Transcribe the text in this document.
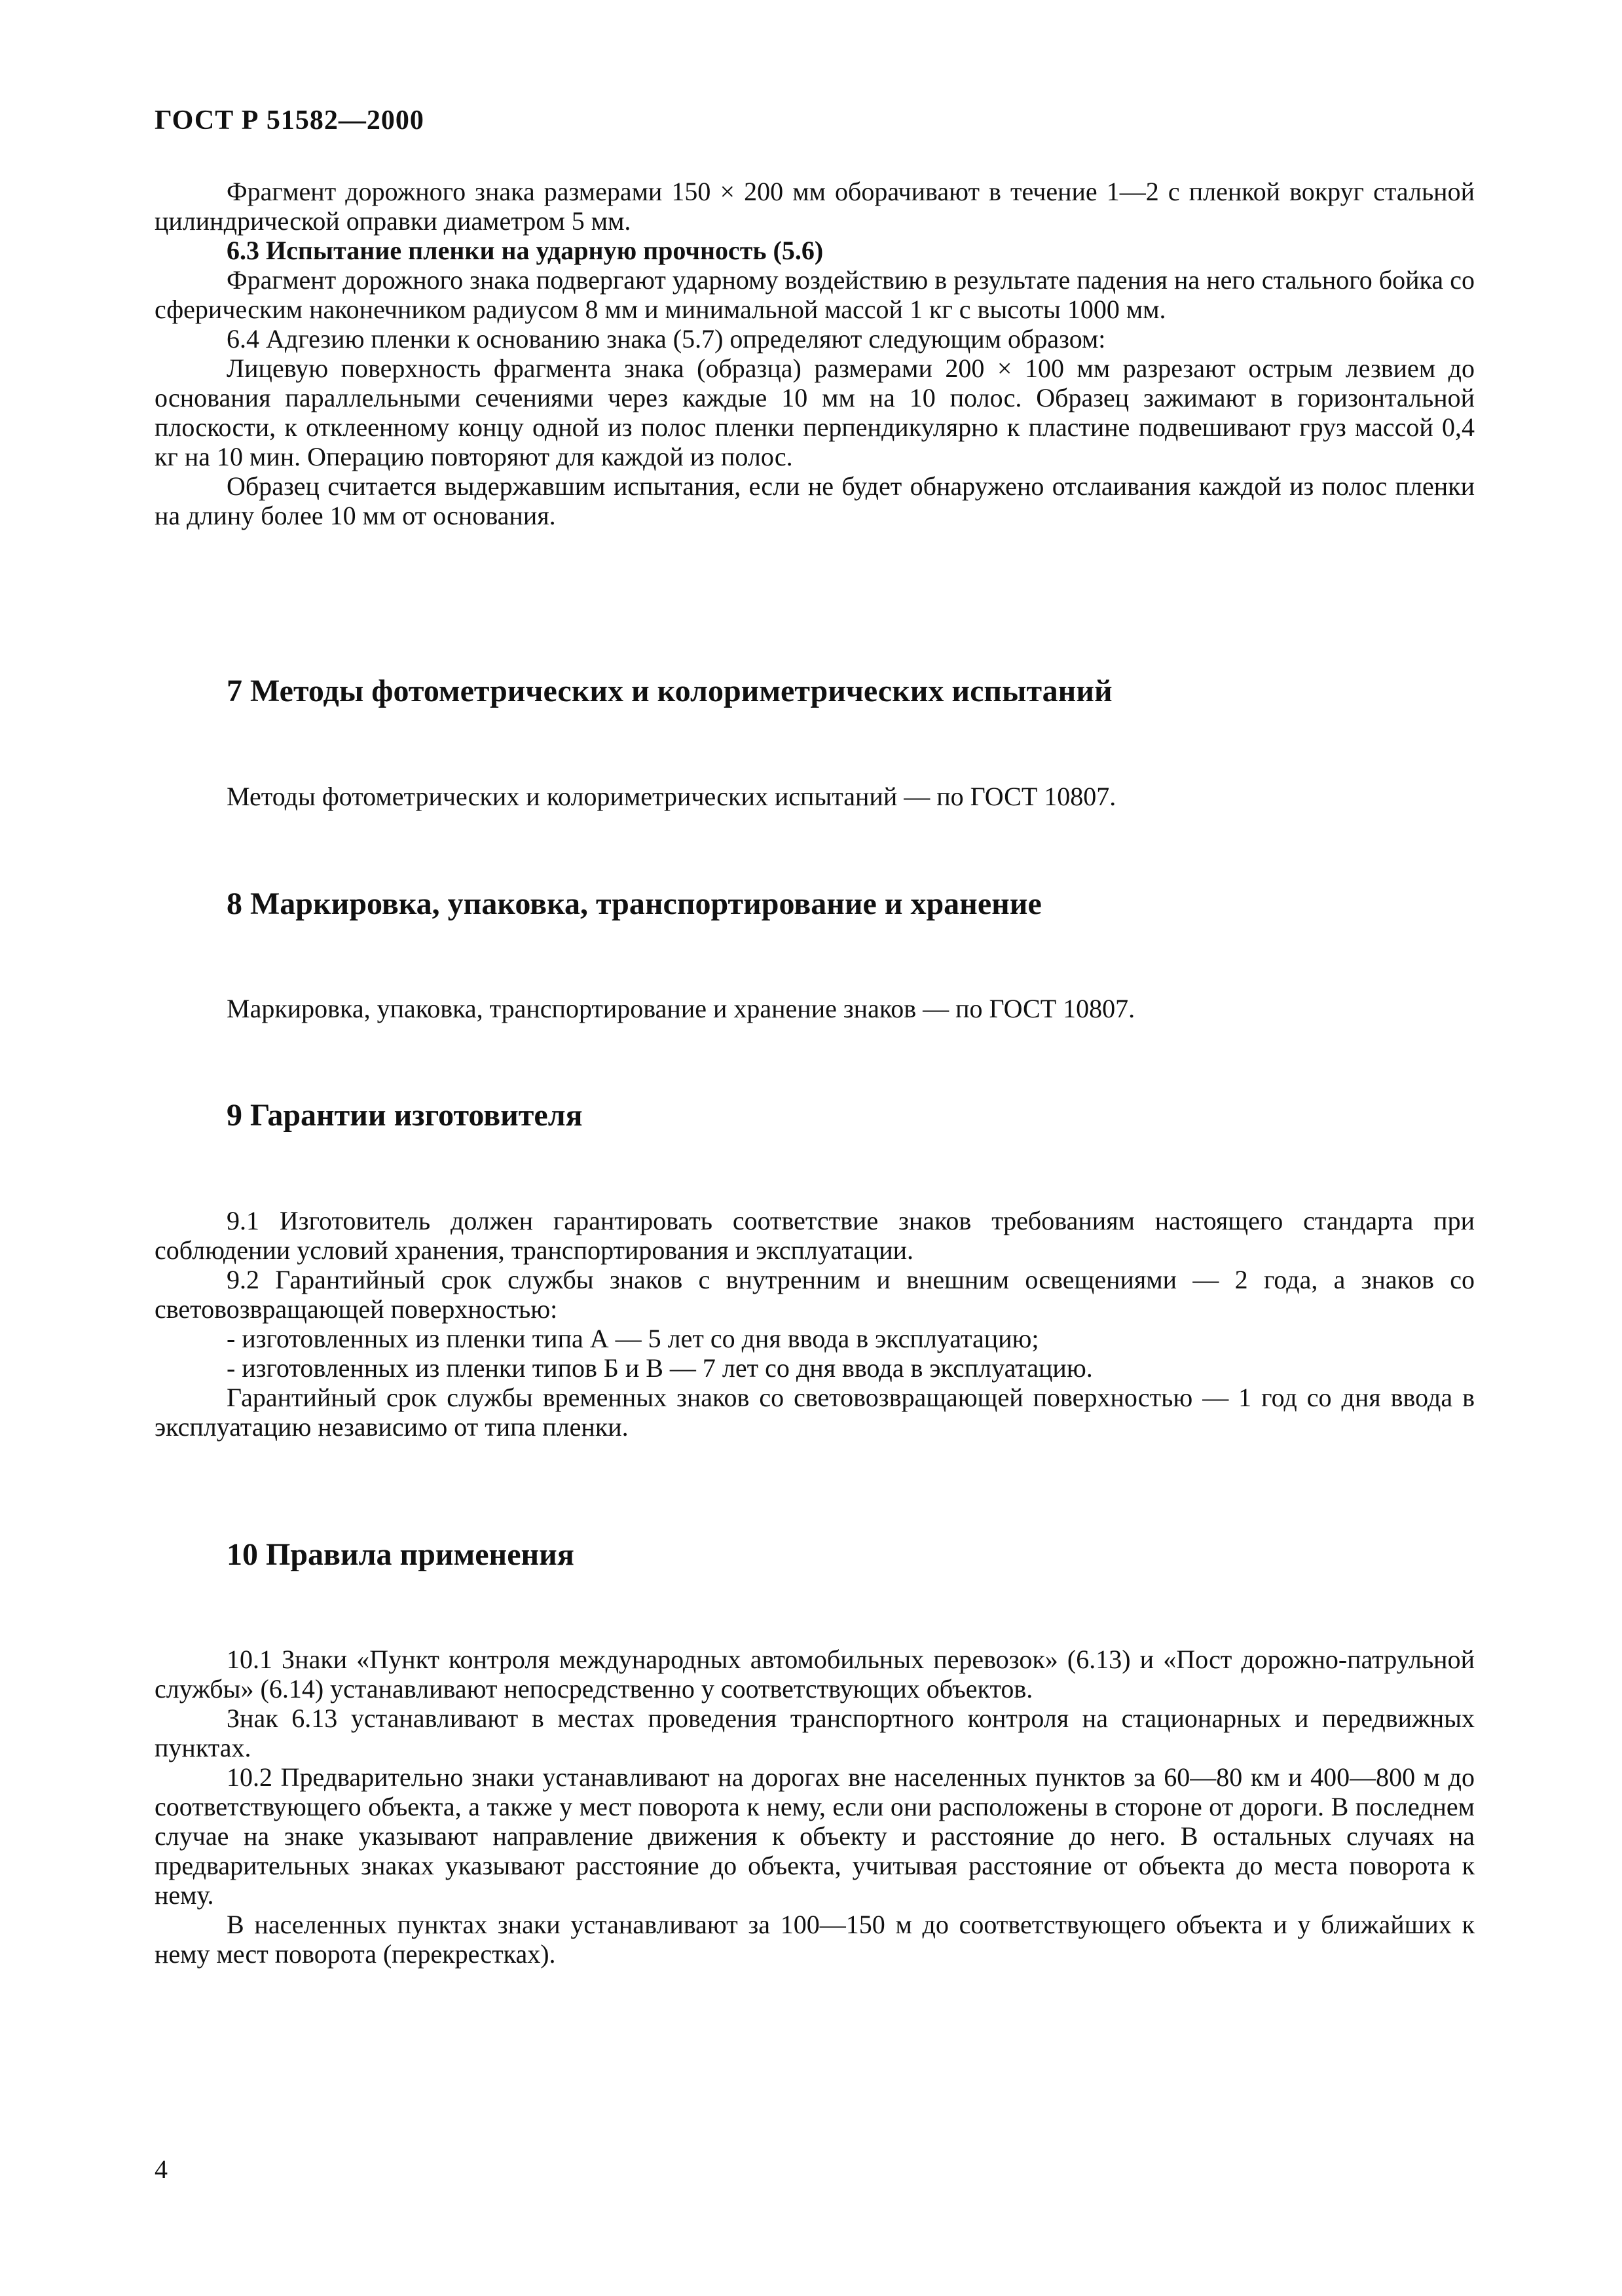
ГОСТ Р 51582—2000

Фрагмент дорожного знака размерами 150 × 200 мм оборачивают в течение 1—2 с пленкой вокруг стальной цилиндрической оправки диаметром 5 мм.

6.3 Испытание пленки на ударную прочность (5.6)

Фрагмент дорожного знака подвергают ударному воздействию в результате падения на него стального бойка со сферическим наконечником радиусом 8 мм и минимальной массой 1 кг с высоты 1000 мм.

6.4 Адгезию пленки к основанию знака (5.7) определяют следующим образом:

Лицевую поверхность фрагмента знака (образца) размерами 200 × 100 мм разрезают острым лезвием до основания параллельными сечениями через каждые 10 мм на 10 полос. Образец зажимают в горизонтальной плоскости, к отклеенному концу одной из полос пленки перпендикулярно к пластине подвешивают груз массой 0,4 кг на 10 мин. Операцию повторяют для каждой из полос.

Образец считается выдержавшим испытания, если не будет обнаружено отслаивания каждой из полос пленки на длину более 10 мм от основания.

7 Методы фотометрических и колориметрических испытаний

Методы фотометрических и колориметрических испытаний — по ГОСТ 10807.

8 Маркировка, упаковка, транспортирование и хранение

Маркировка, упаковка, транспортирование и хранение знаков — по ГОСТ 10807.

9 Гарантии изготовителя

9.1 Изготовитель должен гарантировать соответствие знаков требованиям настоящего стандарта при соблюдении условий хранения, транспортирования и эксплуатации.

9.2 Гарантийный срок службы знаков с внутренним и внешним освещениями — 2 года, а знаков со световозвращающей поверхностью:

- изготовленных из пленки типа А — 5 лет со дня ввода в эксплуатацию;

- изготовленных из пленки типов Б и В — 7 лет со дня ввода в эксплуатацию.

Гарантийный срок службы временных знаков со световозвращающей поверхностью — 1 год со дня ввода в эксплуатацию независимо от типа пленки.

10 Правила применения

10.1 Знаки «Пункт контроля международных автомобильных перевозок» (6.13) и «Пост дорожно-патрульной службы» (6.14) устанавливают непосредственно у соответствующих объектов.

Знак 6.13 устанавливают в местах проведения транспортного контроля на стационарных и передвижных пунктах.

10.2 Предварительно знаки устанавливают на дорогах вне населенных пунктов за 60—80 км и 400—800 м до соответствующего объекта, а также у мест поворота к нему, если они расположены в стороне от дороги. В последнем случае на знаке указывают направление движения к объекту и расстояние до него. В остальных случаях на предварительных знаках указывают расстояние до объекта, учитывая расстояние от объекта до места поворота к нему.

В населенных пунктах знаки устанавливают за 100—150 м до соответствующего объекта и у ближайших к нему мест поворота (перекрестках).

4
